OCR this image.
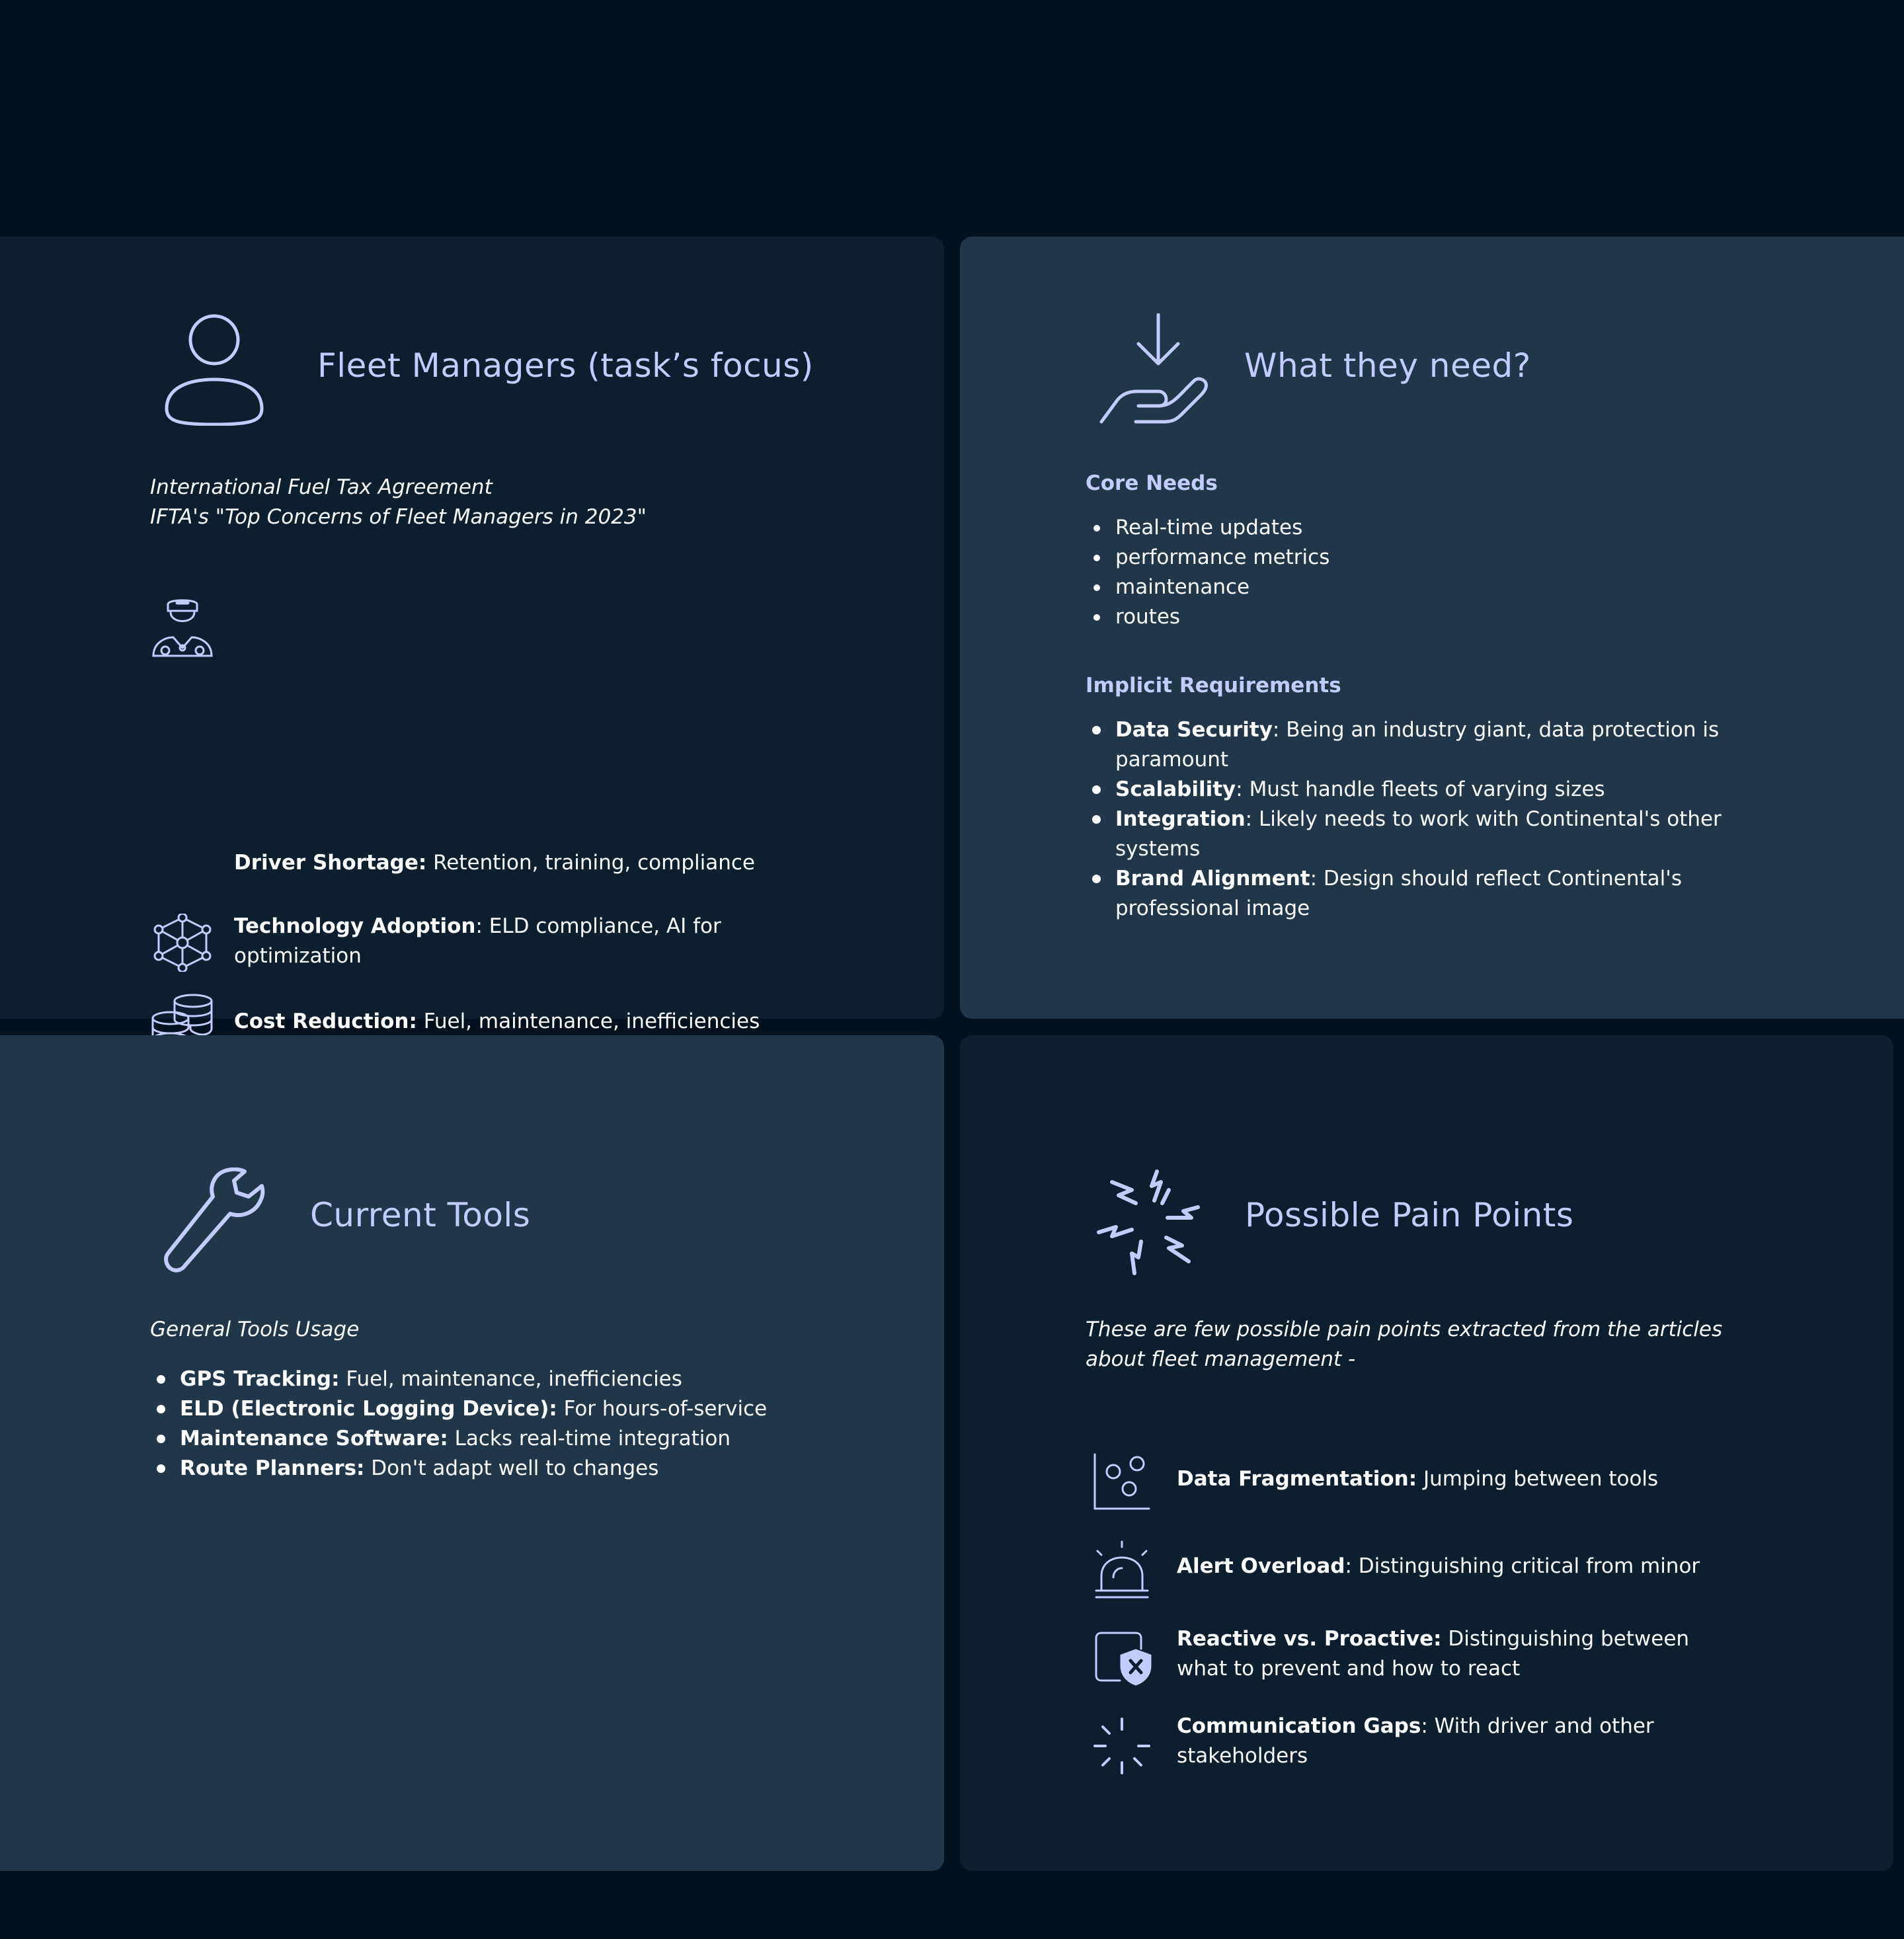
Fleet Managers (task’s focus)
International Fuel Tax Agreement
IFTA's "Top Concerns of Fleet Managers in 2023"
Driver Shortage: Retention, training, compliance
Technology Adoption: ELD compliance, AI for optimization
Cost Reduction: Fuel, maintenance, inefficiencies
What they need?
Core Needs
Real-time updates
performance metrics
maintenance
routes
Implicit Requirements
Data Security: Being an industry giant, data protection is paramount
Scalability: Must handle fleets of varying sizes
Integration: Likely needs to work with Continental's other systems
Brand Alignment: Design should reflect Continental's professional image
Current Tools
General Tools Usage
GPS Tracking: Fuel, maintenance, inefficiencies
ELD (Electronic Logging Device): For hours-of-service
Maintenance Software: Lacks real-time integration
Route Planners: Don't adapt well to changes
Possible Pain Points
These are few possible pain points extracted from the articles about fleet management -
Data Fragmentation: Jumping between tools
Alert Overload: Distinguishing critical from minor
Reactive vs. Proactive: Distinguishing between what to prevent and how to react
Communication Gaps: With driver and other stakeholders
